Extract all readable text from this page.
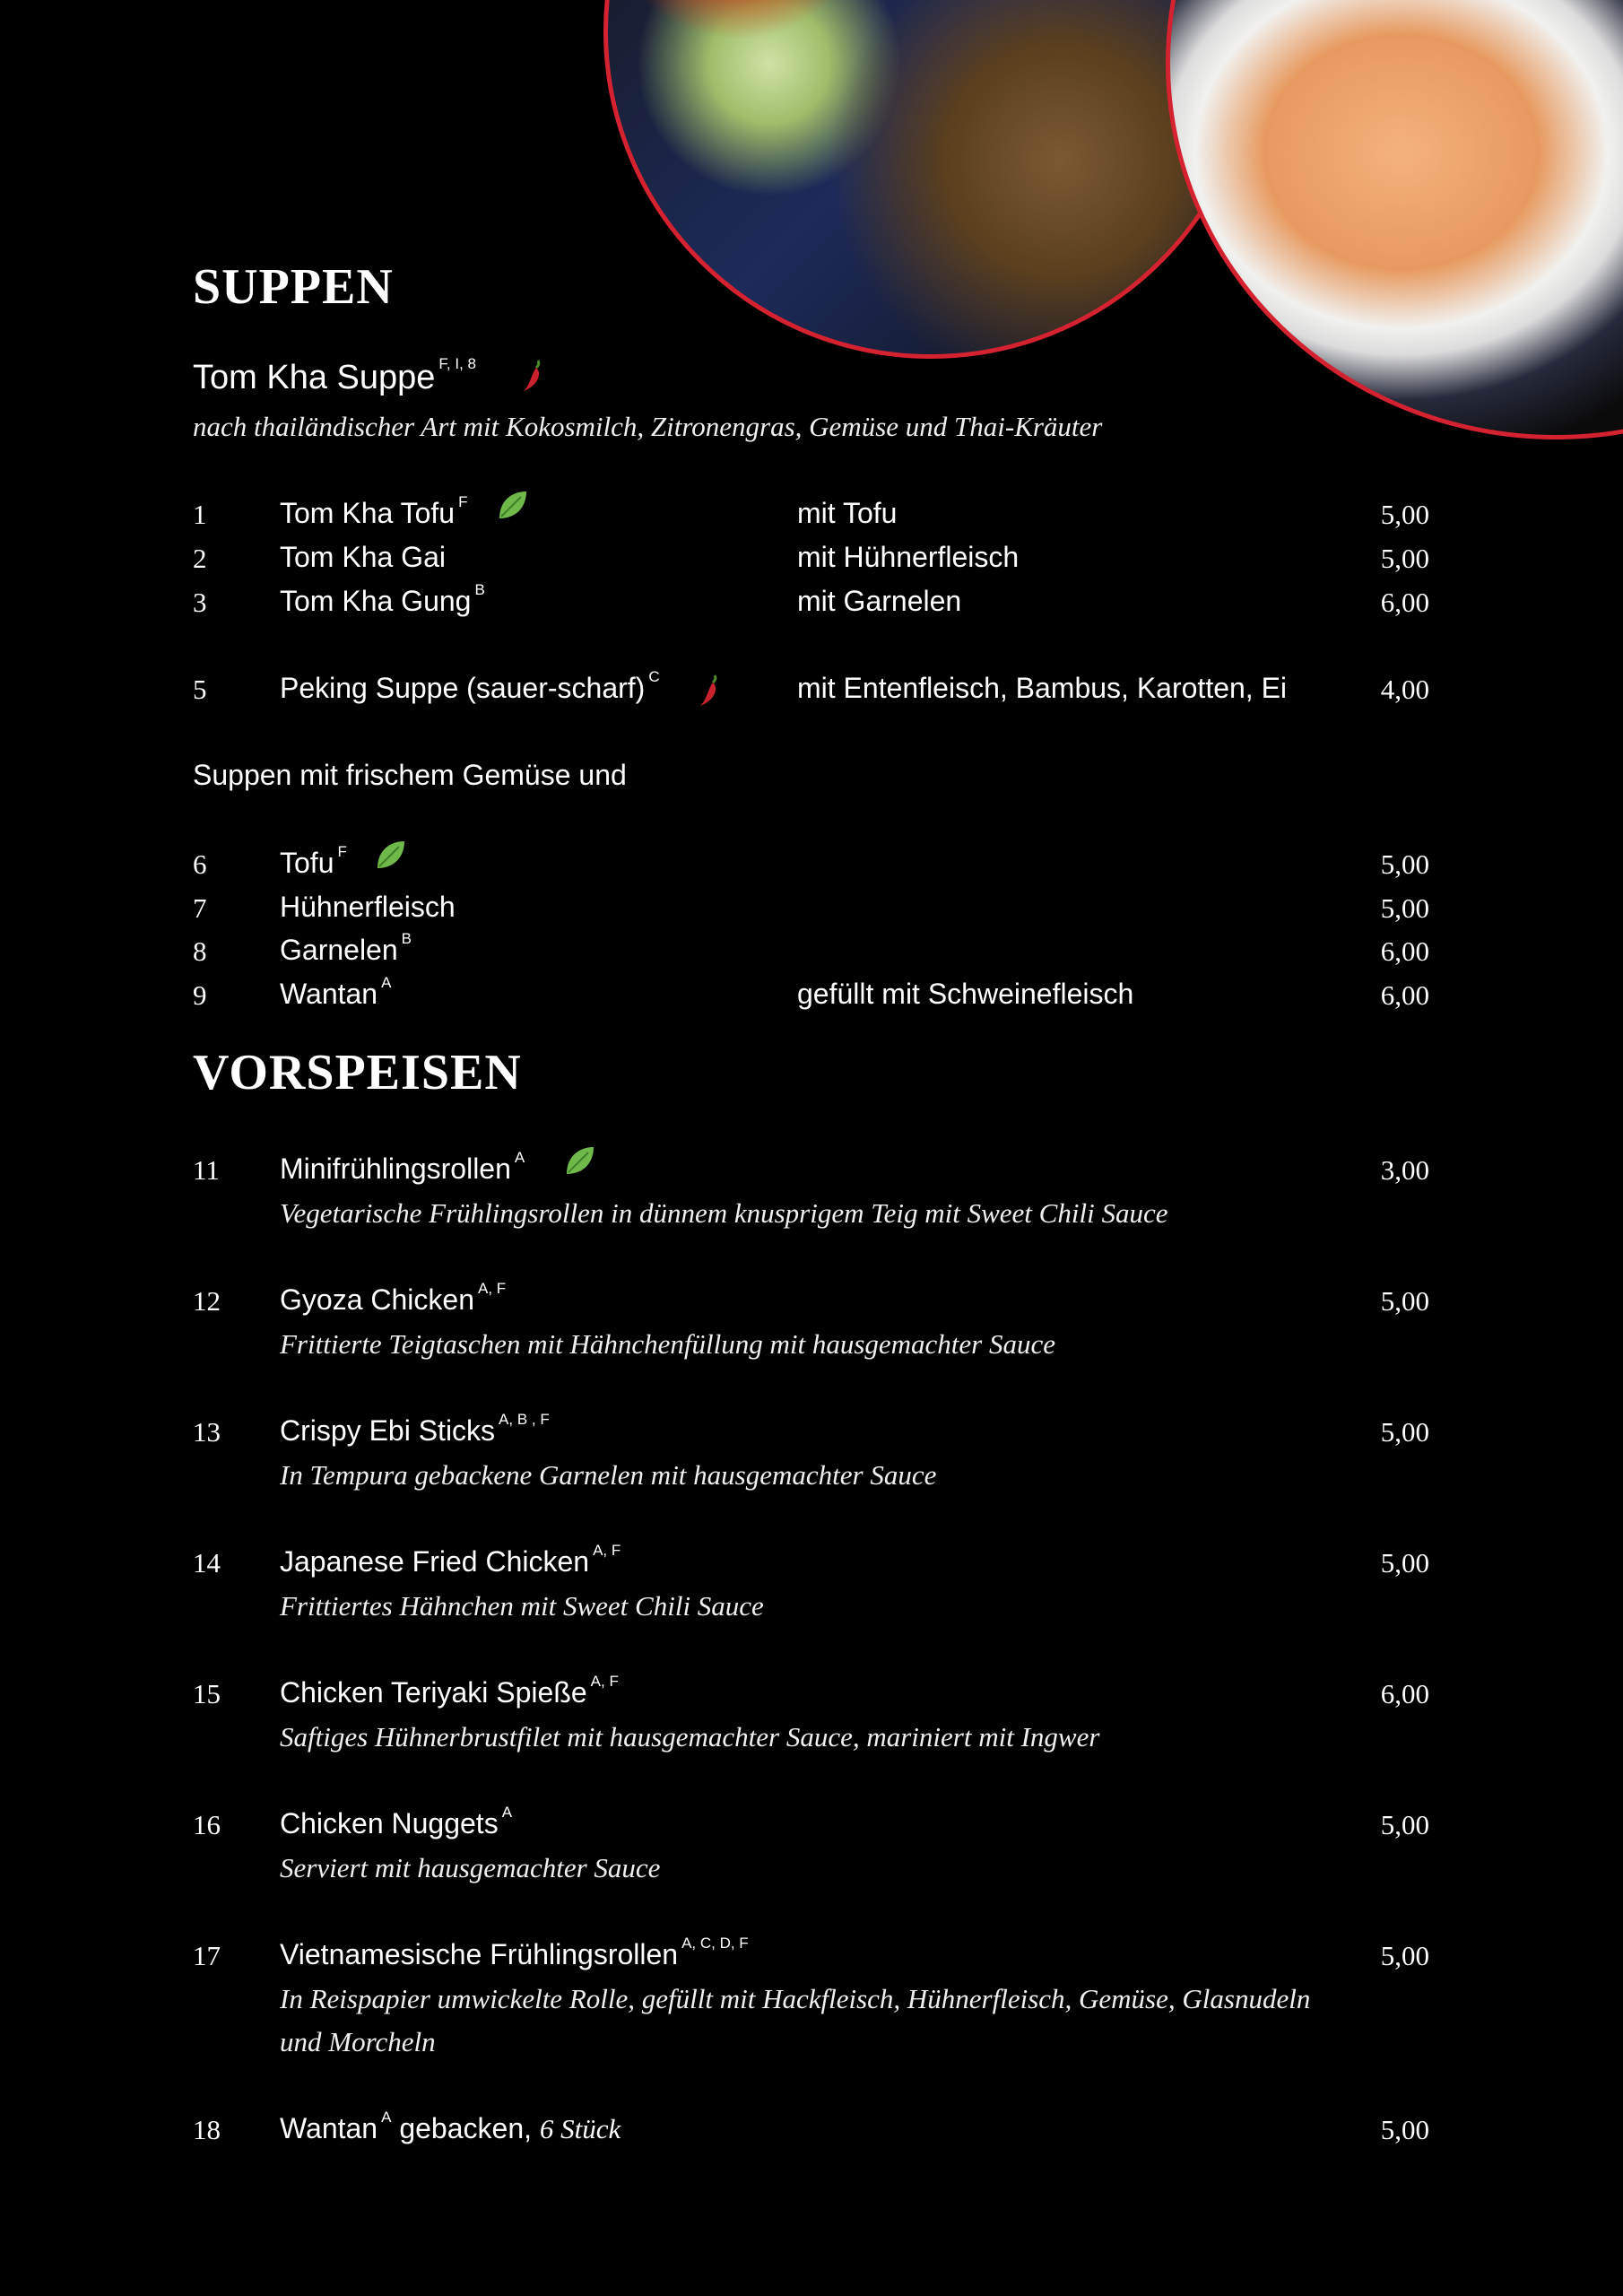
SUPPEN
Tom Kha Suppe $^{F, I, 8}$
nach thailändischer Art mit Kokosmilch, Zitronengras, Gemüse und Thai-Kräuter
1	Tom Kha Tofu $^F$	mit Tofu	5,00
2	Tom Kha Gai	mit Hühnerfleisch	5,00
3	Tom Kha Gung $^B$	mit Garnelen	6,00
5	Peking Suppe (sauer-scharf) $^C$	mit Entenfleisch, Bambus, Karotten, Ei	4,00
Suppen mit frischem Gemüse und
6	Tofu $^F$	5,00
7	Hühnerfleisch	5,00
8	Garnelen $^B$	6,00
9	Wantan $^A$	gefüllt mit Schweinefleisch	6,00
VORSPEISEN
11 Minifrühlingsrollen $^A$	3,00
Vegetarische Frühlingsrollen in dünnem knusprigem Teig mit Sweet Chili Sauce
12 Gyoza Chicken $^{A, F}$	5,00
Frittierte Teigtaschen mit Hähnchenfüllung mit hausgemachter Sauce
13 Crispy Ebi Sticks $^{A, B , F}$	5,00
In Tempura gebackene Garnelen mit hausgemachter Sauce
14 Japanese Fried Chicken $^{A, F}$	5,00
Frittiertes Hähnchen mit Sweet Chili Sauce
15 Chicken Teriyaki Spieße $^{A, F}$	6,00
Saftiges Hühnerbrustfilet mit hausgemachter Sauce, mariniert mit Ingwer
16 Chicken Nuggets $^A$	5,00
Serviert mit hausgemachter Sauce
17 Vietnamesische Frühlingsrollen $^{A, C, D, F}$	5,00
In Reispapier umwickelte Rolle, gefüllt mit Hackfleisch, Hühnerfleisch, Gemüse, Glasnudeln
und Morcheln
18 Wantan $^A$ gebacken, 6 Stück	5,00
